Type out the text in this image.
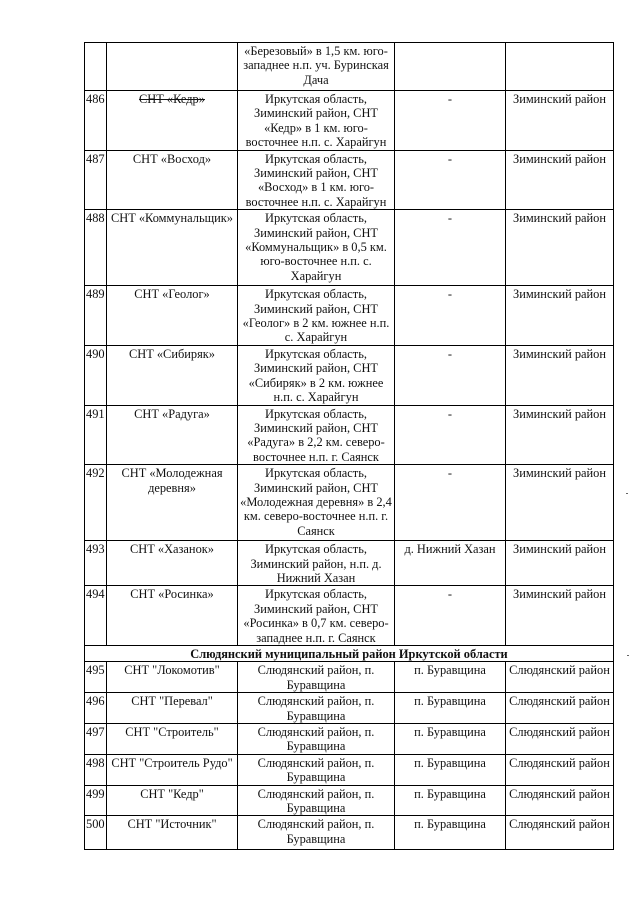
		«Березовый» в 1,5 км. юго-западнее н.п. уч. Буринская Дача		
486	СНТ «Кедр»	Иркутская область, Зиминский район, СНТ «Кедр» в 1 км. юго-восточнее н.п. с. Харайгун	-	Зиминский район
487	СНТ «Восход»	Иркутская область, Зиминский район, СНТ «Восход» в 1 км. юго-восточнее н.п. с. Харайгун	-	Зиминский район
488	СНТ «Коммунальщик»	Иркутская область, Зиминский район, СНТ «Коммунальщик» в 0,5 км. юго-восточнее н.п. с. Харайгун	-	Зиминский район
489	СНТ «Геолог»	Иркутская область, Зиминский район, СНТ «Геолог» в 2 км. южнее н.п. с. Харайгун	-	Зиминский район
490	СНТ «Сибиряк»	Иркутская область, Зиминский район, СНТ «Сибиряк» в 2 км. южнее н.п. с. Харайгун	-	Зиминский район
491	СНТ «Радуга»	Иркутская область, Зиминский район, СНТ «Радуга» в 2,2 км. северо-восточнее н.п. г. Саянск	-	Зиминский район
492	СНТ «Молодежная деревня»	Иркутская область, Зиминский район, СНТ «Молодежная деревня» в 2,4 км. северо-восточнее н.п. г. Саянск	-	Зиминский район
493	СНТ «Хазанок»	Иркутская область, Зиминский район, н.п. д. Нижний Хазан	д. Нижний Хазан	Зиминский район
494	СНТ «Росинка»	Иркутская область, Зиминский район, СНТ «Росинка» в 0,7 км. северо-западнее н.п. г. Саянск	-	Зиминский район
Слюдянский муниципальный район Иркутской области				
495	СНТ "Локомотив"	Слюдянский район, п. Буравщина	п. Буравщина	Слюдянский район
496	СНТ "Перевал"	Слюдянский район, п. Буравщина	п. Буравщина	Слюдянский район
497	СНТ "Строитель"	Слюдянский район, п. Буравщина	п. Буравщина	Слюдянский район
498	СНТ "Строитель Рудо"	Слюдянский район, п. Буравщина	п. Буравщина	Слюдянский район
499	СНТ "Кедр"	Слюдянский район, п. Буравщина	п. Буравщина	Слюдянский район
500	СНТ "Источник"	Слюдянский район, п. Буравщина	п. Буравщина	Слюдянский район
